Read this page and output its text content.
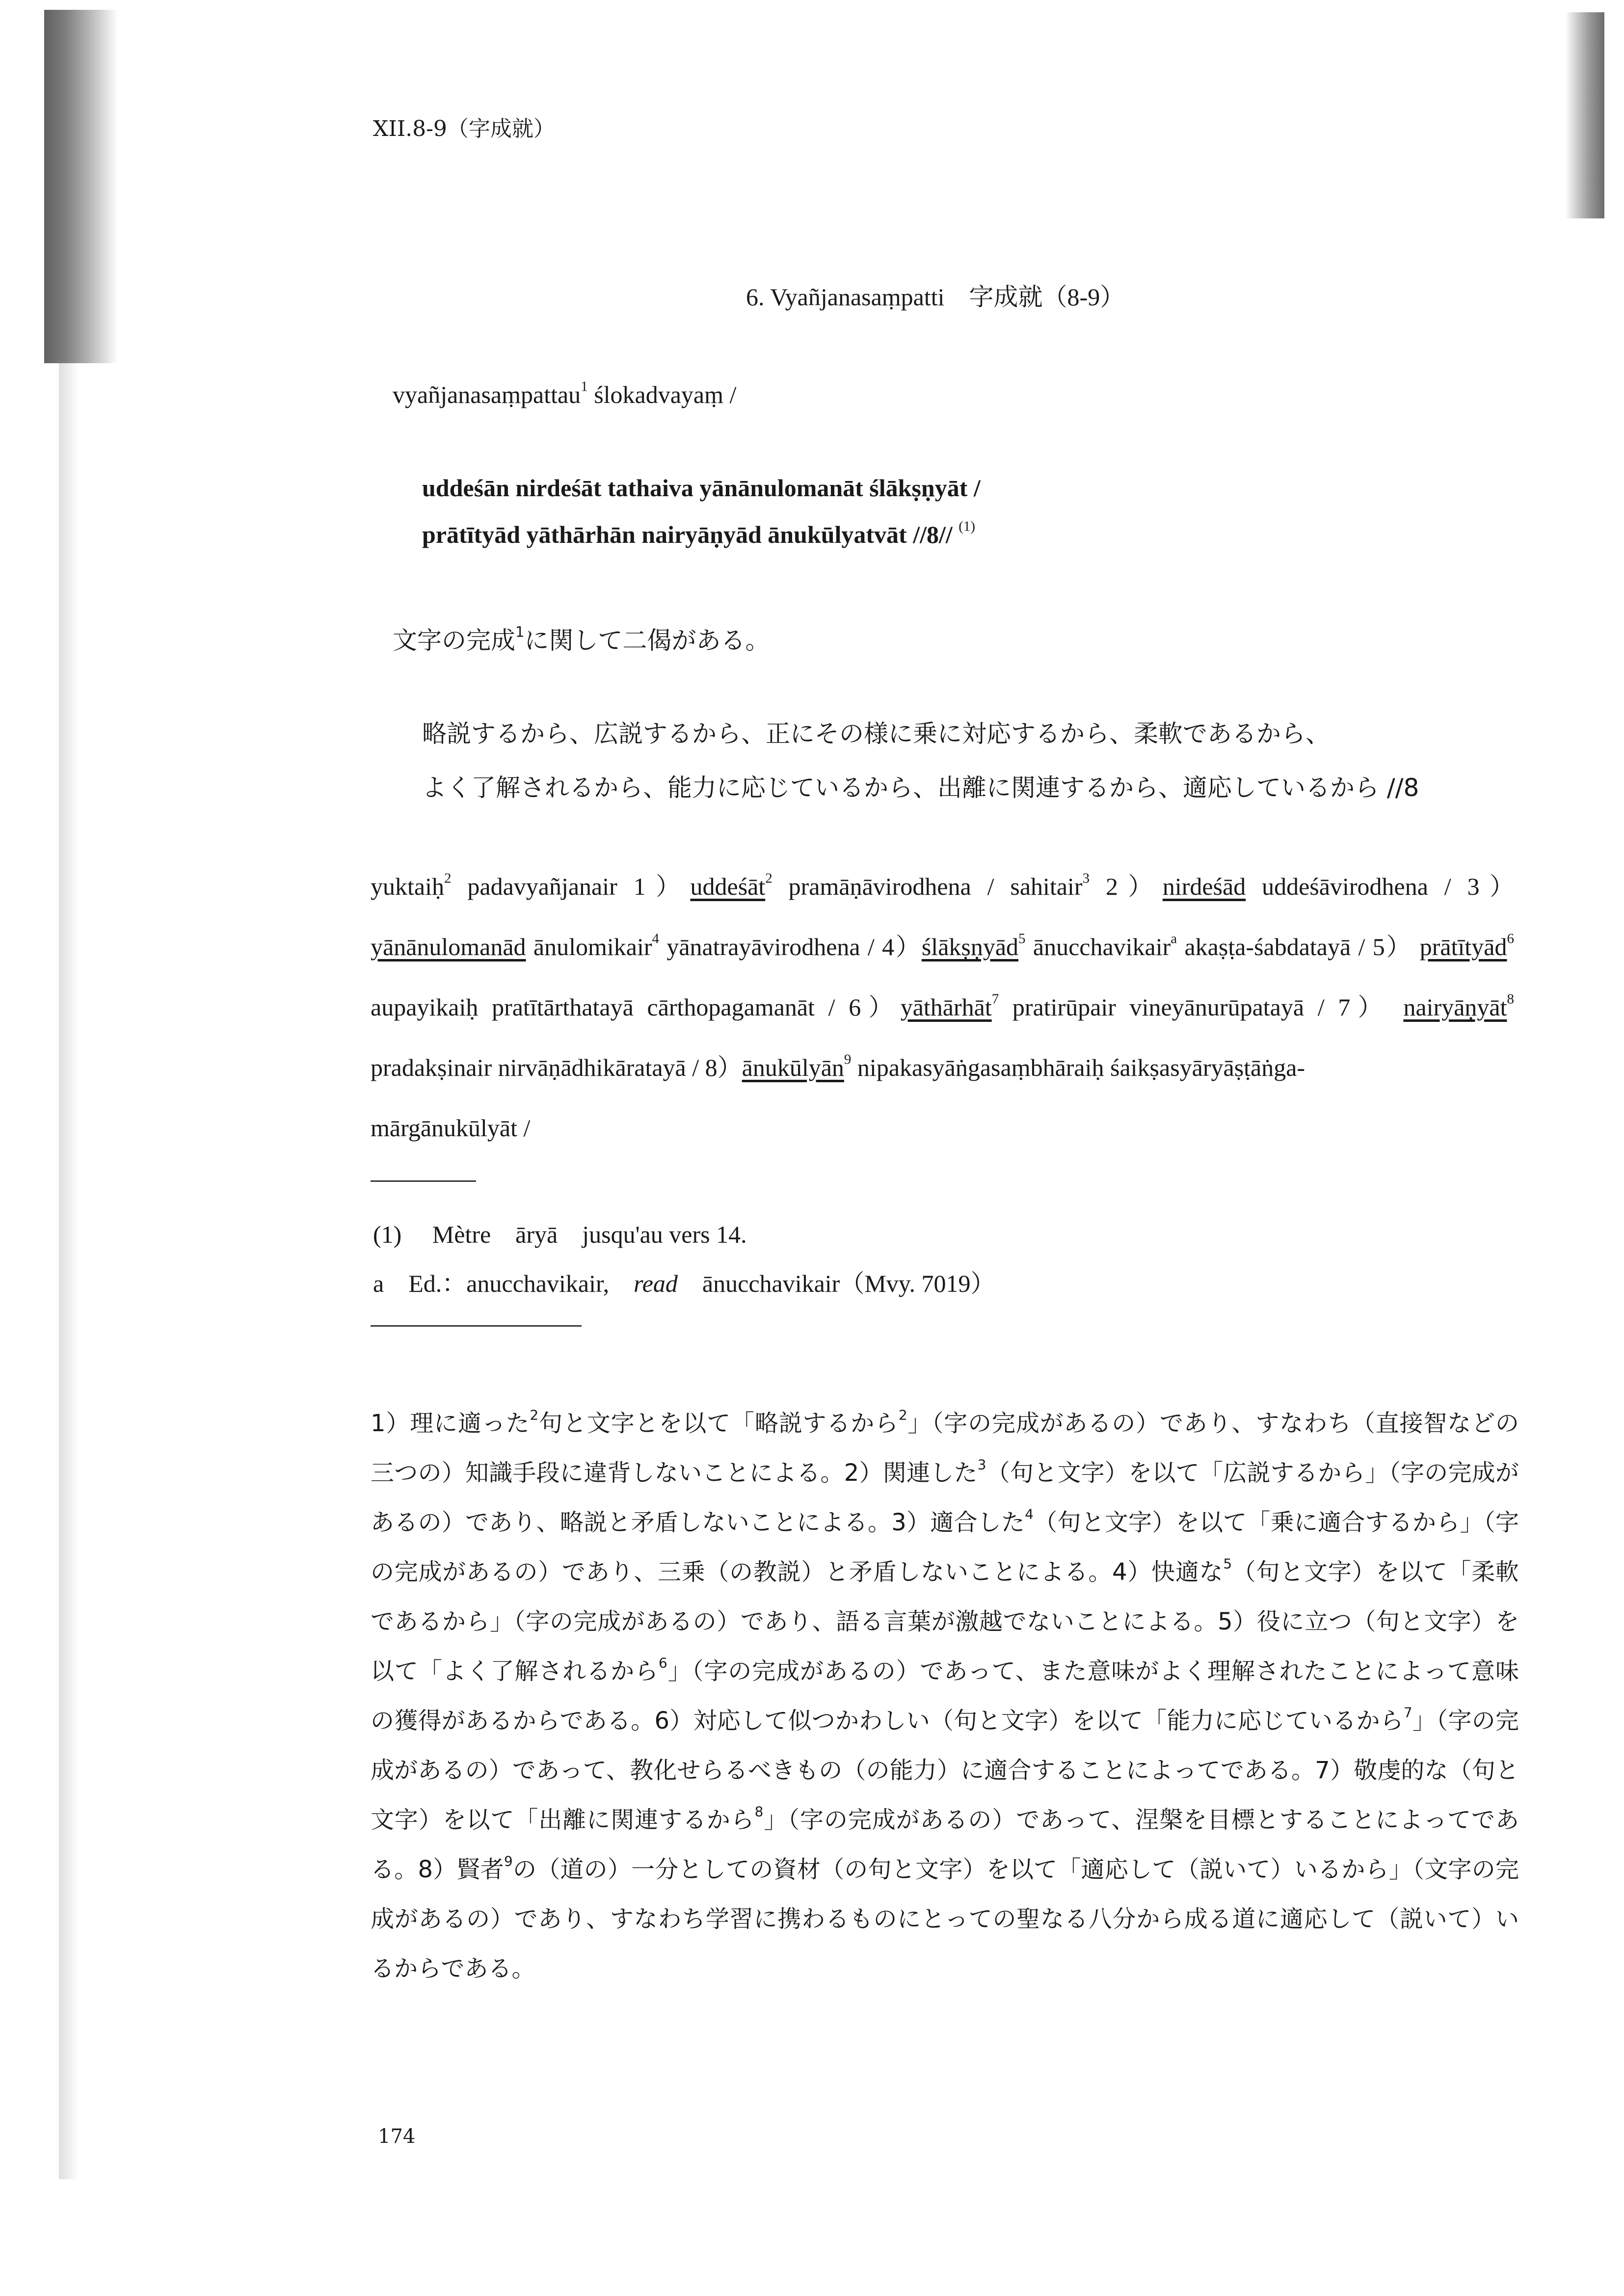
XII.8-9（字成就）
6. Vyañjanasaṃpatti　字成就（8-9）
vyañjanasaṃpattau$^1$ ślokadvayaṃ /
uddeśān nirdeśāt tathaiva yānānulomanāt ślākṣṇyāt /
prātītyād yāthārhān nairyāṇyād ānukūlyatvāt //8// $^{(1)}$
文字の完成$^1$に関して二偈がある。
略説するから、広説するから、正にその様に乗に対応するから、柔軟であるから、
よく了解されるから、能力に応じているから、出離に関連するから、適応しているから //8
yuktaiḥ$^2$ padavyañjanair 1）uddeśāt$^2$ pramāṇāvirodhena / sahitair$^3$ 2）nirdeśād uddeśāvirodhena / 3） yānānulomanād ānulomikair$^4$ yānatrayāvirodhena / 4）ślākṣṇyād$^5$ ānucchavikair$^a$ akaṣṭa-śabdatayā / 5） prātītyād$^6$ aupayikaiḥ pratītārthatayā cārthopagamanāt / 6）yāthārhāt$^7$ pratirūpair vineyānurūpatayā / 7） nairyāṇyāt$^8$ pradakṣinair nirvāṇādhikāratayā / 8）ānukūlyān$^9$ nipakasyāṅgasaṃbhāraiḥ śaikṣasyāryāṣṭāṅga-
mārgānukūlyāt /
(1)　 Mètre　āryā　jusqu'au vers 14.
a　Ed.：anucchavikair,　read　ānucchavikair（Mvy. 7019）
1）理に適った$^2$句と文字とを以て「略説するから$^2$」（字の完成があるの）であり、すなわち（直接智などの三つの）知識手段に違背しないことによる。2）関連した$^3$（句と文字）を以て「広説するから」（字の完成があるの）であり、略説と矛盾しないことによる。3）適合した$^4$（句と文字）を以て「乗に適合するから」（字の完成があるの）であり、三乗（の教説）と矛盾しないことによる。4）快適な$^5$（句と文字）を以て「柔軟であるから」（字の完成があるの）であり、語る言葉が激越でないことによる。5）役に立つ（句と文字）を以て「よく了解されるから$^6$」（字の完成があるの）であって、また意味がよく理解されたことによって意味の獲得があるからである。6）対応して似つかわしい（句と文字）を以て「能力に応じているから$^7$」（字の完成があるの）であって、教化せらるべきもの（の能力）に適合することによってである。7）敬虔的な（句と文字）を以て「出離に関連するから$^8$」（字の完成があるの）であって、涅槃を目標とすることによってである。8）賢者$^9$の（道の）一分としての資材（の句と文字）を以て「適応して（説いて）いるから」（文字の完成があるの）であり、すなわち学習に携わるものにとっての聖なる八分から成る道に適応して（説いて）いるからである。
174
